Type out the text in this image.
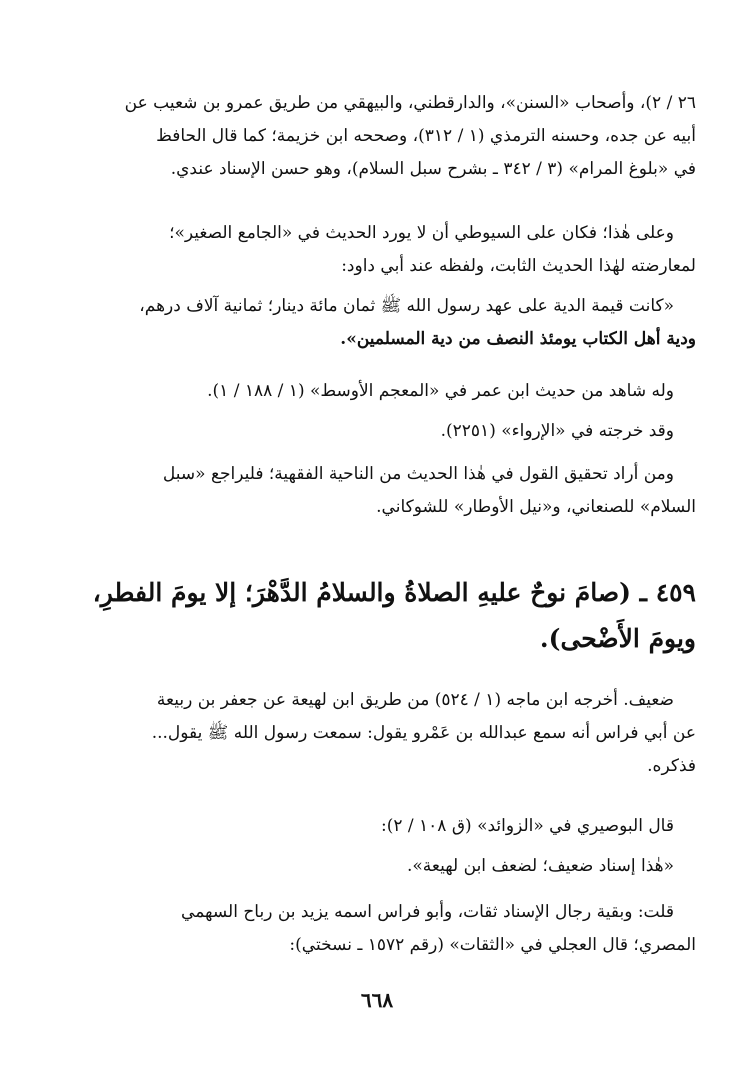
٢٦ / ٢)، وأصحاب «السنن»، والدارقطني، والبيهقي من طريق عمرو بن شعيب عن

أبيه عن جده، وحسنه الترمذي (١ / ٣١٢)، وصححه ابن خزيمة؛ كما قال الحافظ

في «بلوغ المرام» (٣ / ٣٤٢ ـ بشرح سبل السلام)، وهو حسن الإسناد عندي.

وعلى هٰذا؛ فكان على السيوطي أن لا يورد الحديث في «الجامع الصغير»؛

لمعارضته لهٰذا الحديث الثابت، ولفظه عند أبي داود:

«كانت قيمة الدية على عهد رسول الله ﷺ ثمان مائة دينار؛ ثمانية آلاف درهم،

ودية أهل الكتاب يومئذ النصف من دية المسلمين».

وله شاهد من حديث ابن عمر في «المعجم الأوسط» (١ / ١٨٨ / ١).

وقد خرجته في «الإرواء» (٢٢٥١).

ومن أراد تحقيق القول في هٰذا الحديث من الناحية الفقهية؛ فليراجع «سبل

السلام» للصنعاني، و«نيل الأوطار» للشوكاني.

٤٥٩ ـ (صامَ نوحٌ عليهِ الصلاةُ والسلامُ الدَّهْرَ؛ إلا يومَ الفطرِ،

ويومَ الأَضْحى).

ضعيف. أخرجه ابن ماجه (١ / ٥٢٤) من طريق ابن لهيعة عن جعفر بن ربيعة

عن أبي فراس أنه سمع عبدالله بن عَمْرو يقول: سمعت رسول الله ﷺ يقول...

فذكره.

قال البوصيري في «الزوائد» (ق ١٠٨ / ٢):

«هٰذا إسناد ضعيف؛ لضعف ابن لهيعة».

قلت: وبقية رجال الإسناد ثقات، وأبو فراس اسمه يزيد بن رباح السهمي

المصري؛ قال العجلي في «الثقات» (رقم ١٥٧٢ ـ نسختي):

٦٦٨
